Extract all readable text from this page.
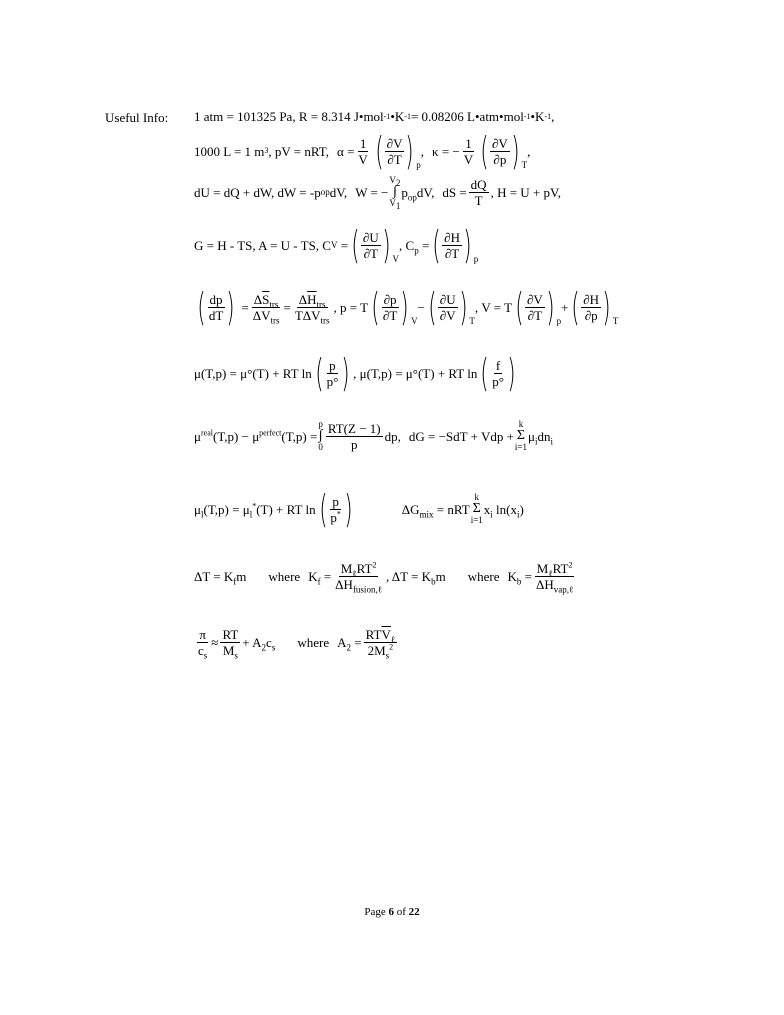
Useful Info: 1 atm = 101325 Pa, R = 8.314 J•mol -1 •K -1 = 0.08206 L•atm•mol -1 •K -1 ,
1000 L = 1 m 3 , pV = nRT, $\alpha = \frac{1}{V}$ ( $\frac{\partial V}{\partial T}$ ) p
, κ = − $\frac{1}{V}$ ( $\frac{\partial V}{\partial p}$ ) T
,
dU = dQ + dW, dW = -p op dV, W = −
$V_2$
∫
$V_1$
$p_{op}dV$, dS = $\frac{dQ}{T}$ , H = U + pV,
G = H - TS, A = U - TS, C V = ( $\frac{\partial U}{\partial T}$ ) V
, $C_p$ = ( $\frac{\partial H}{\partial T}$ ) p
( $\frac{dp}{dT}$ ) = $\frac{\Delta\overline{S}_{trs}}{\Delta\overline{V}_{trs}} = \frac{\Delta\overline{H}_{trs}}{T\Delta\overline{V}_{trs}}$ , p = T ( $\frac{\partial p}{\partial T}$ ) V
− ( $\frac{\partial U}{\partial V}$ ) T
, V = T ( $\frac{\partial V}{\partial T}$ ) p
+ ( $\frac{\partial H}{\partial p}$ ) T
μ(T,p) = μ°(T) + RT ln ( $\frac{p}{p^\circ}$ ) , μ(T,p) = μ°(T) + RT ln ( $\frac{f}{p^\circ}$ )
$\mu^{real}(T,p) - \mu^{perfect}(T,p)$ =
p
∫
$0 \frac{RT(Z - 1)}{p}$ dp, dG = −SdT + Vdp +
k
Σ
i=1
$\mu_idn_i$
$\mu_l(T,p) = \mu_l^*(T)$ + RT ln ( $\frac{p}{p^*}$ )	$\Delta G_{mix}$ = nRT
k
Σ
i=1
$x_i$ $\ln(x_i)$
$\Delta T = K_fm$ where $K_f = \frac{M_\ell RT^2}{\Delta\overline{H}_{fusion,\ell}}$ , $\Delta T = K_bm$ where $K_b = \frac{M_\ell RT^2}{\Delta\overline{H}_{vap,\ell}}$
$\frac{\pi}{c_s} \approx \frac{RT}{M_s} + A_2c_s$ where $A_2 = \frac{RT\overline{V}_\ell}{2M_s^2}$
Page 6 of 22
